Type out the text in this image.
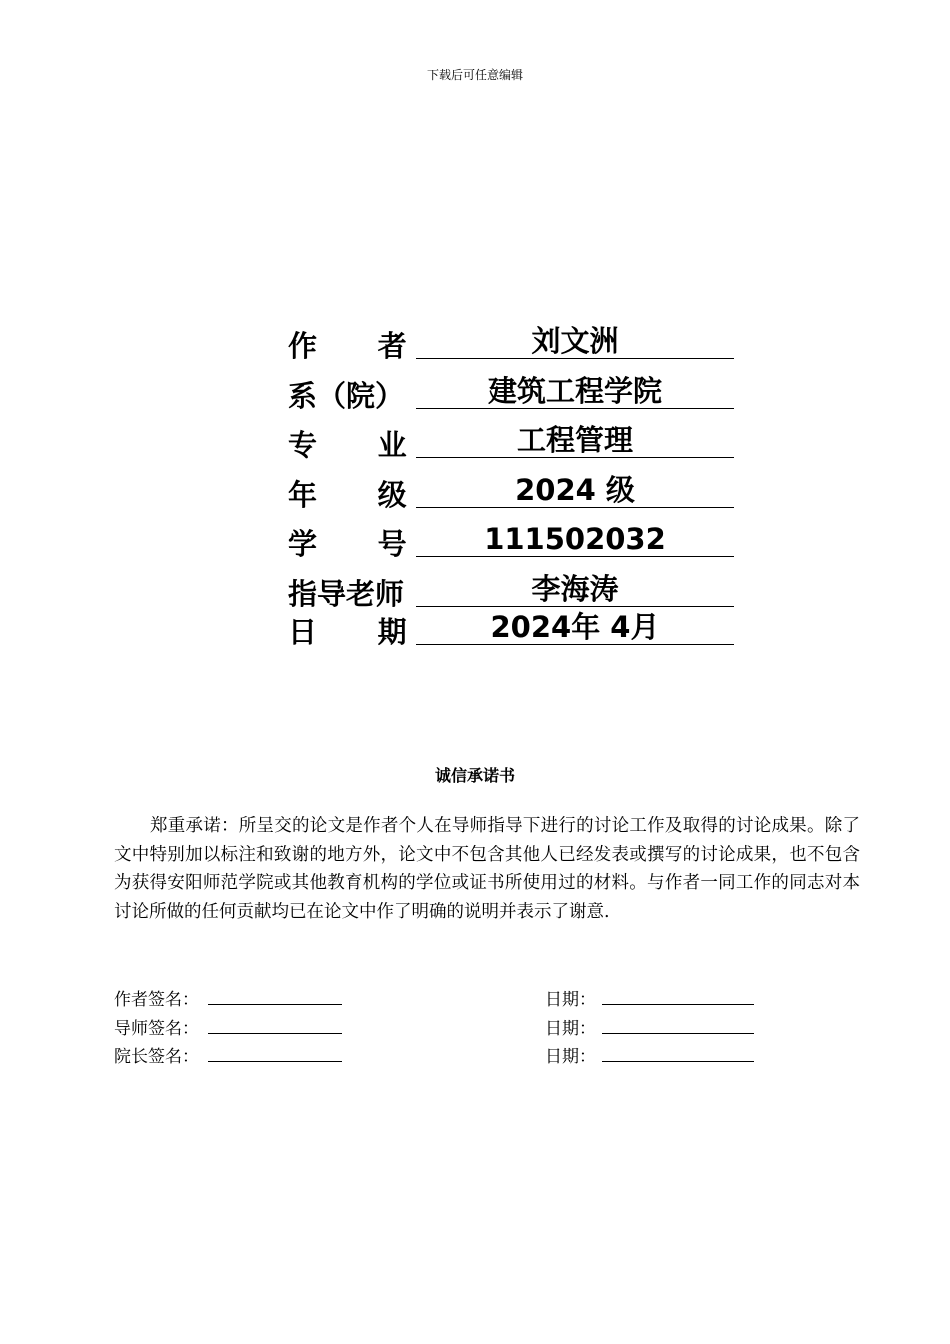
下载后可任意编辑
作      者	刘文洲
系（院）	建筑工程学院
专      业	工程管理
年      级	2024 级
学      号	111502032
指导老师	李海涛
日      期	2024年 4月
诚信承诺书
郑重承诺：所呈交的论文是作者个人在导师指导下进行的讨论工作及取得的讨论成果。除了文中特别加以标注和致谢的地方外，论文中不包含其他人已经发表或撰写的讨论成果，也不包含为获得安阳师范学院或其他教育机构的学位或证书所使用过的材料。与作者一同工作的同志对本讨论所做的任何贡献均已在论文中作了明确的说明并表示了谢意.
作者签名：	日期：
导师签名：	日期：
院长签名：	日期：
